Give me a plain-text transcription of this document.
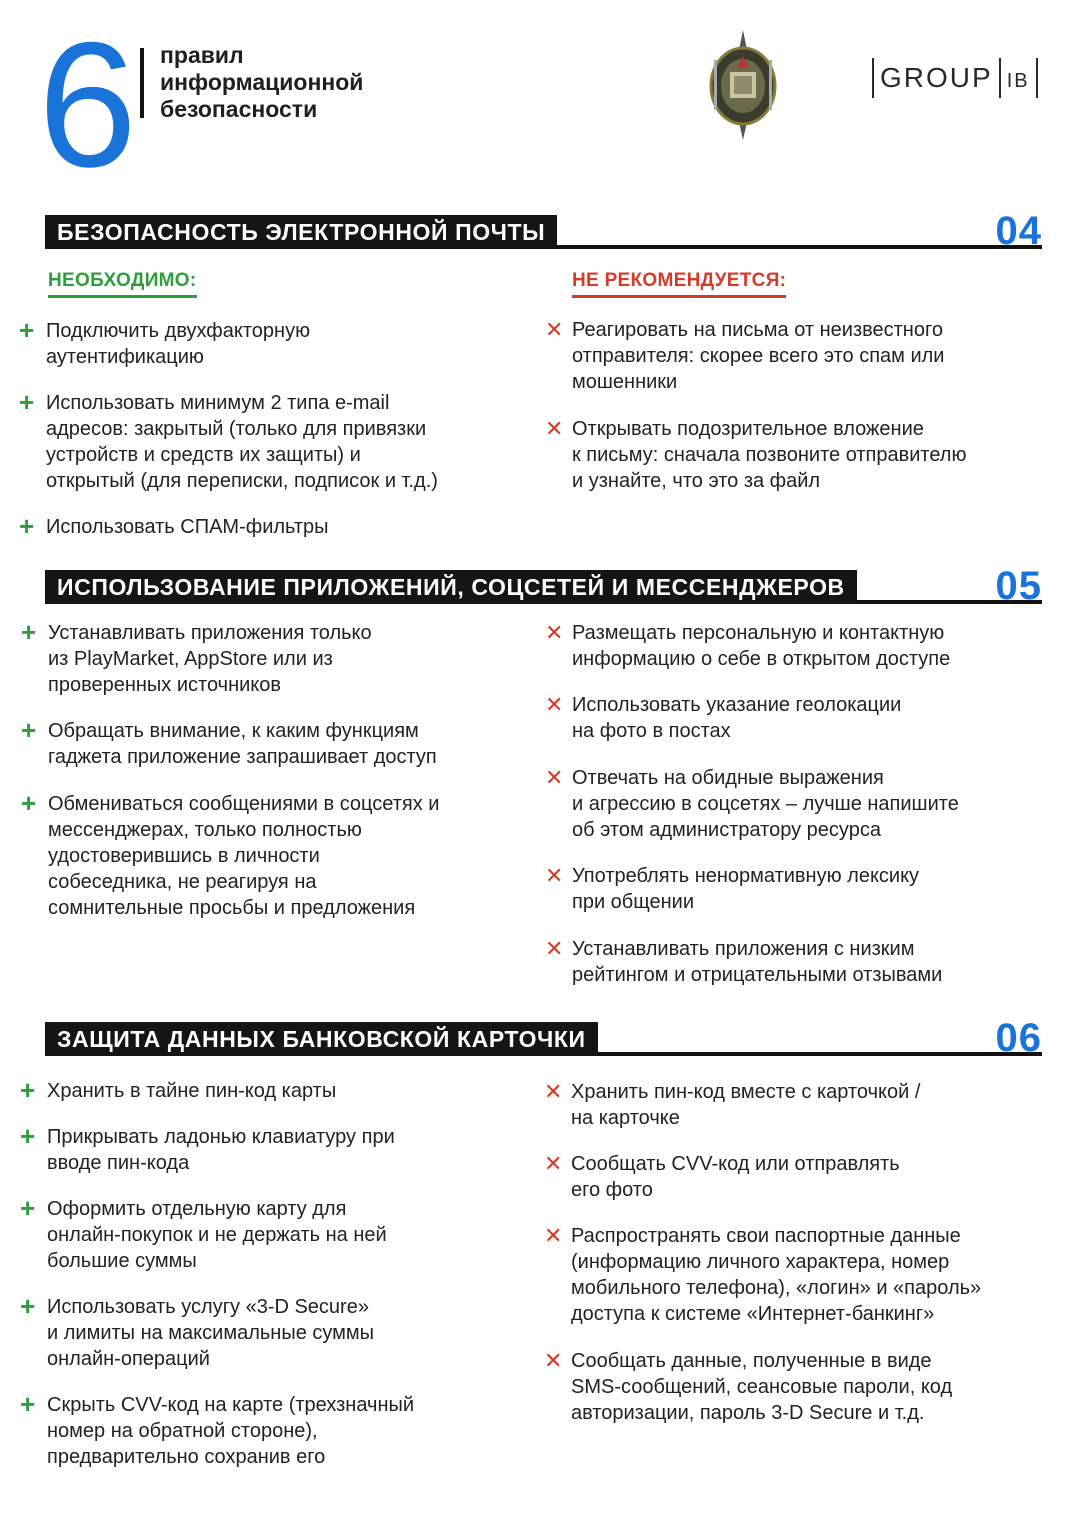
6 правил
информационной
безопасности
GROUP ib
БЕЗОПАСНОСТЬ ЭЛЕКТРОННОЙ ПОЧТЫ	04
НЕОБХОДИМО:	НЕ РЕКОМЕНДУЕТСЯ:
+ Подключить двухфакторную
аутентификацию
+ Использовать минимум 2 типа e-mail
адресов: закрытый (только для привязки
устройств и средств их защиты) и
открытый (для переписки, подписок и т.д.)
+ Использовать СПАМ-фильтры
✕ Реагировать на письма от неизвестного
отправителя: скорее всего это спам или
мошенники
✕ Открывать подозрительное вложение
к письму: сначала позвоните отправителю
и узнайте, что это за файл
ИСПОЛЬЗОВАНИЕ ПРИЛОЖЕНИЙ, СОЦСЕТЕЙ И МЕССЕНДЖЕРОВ	05
+ Устанавливать приложения только
из PlayMarket, AppStore или из
проверенных источников
+ Обращать внимание, к каким функциям
гаджета приложение запрашивает доступ
+ Обмениваться сообщениями в соцсетях и
мессенджерах, только полностью
удостоверившись в личности
собеседника, не реагируя на
сомнительные просьбы и предложения
✕ Размещать персональную и контактную
информацию о себе в открытом доступе
✕ Использовать указание геолокации
на фото в постах
✕ Отвечать на обидные выражения
и агрессию в соцсетях – лучше напишите
об этом администратору ресурса
✕ Употреблять ненормативную лексику
при общении
✕ Устанавливать приложения с низким
рейтингом и отрицательными отзывами
ЗАЩИТА ДАННЫХ БАНКОВСКОЙ КАРТОЧКИ	06
+ Хранить в тайне пин-код карты
+ Прикрывать ладонью клавиатуру при
вводе пин-кода
+ Оформить отдельную карту для
онлайн-покупок и не держать на ней
большие суммы
+ Использовать услугу «3-D Secure»
и лимиты на максимальные суммы
онлайн-операций
+ Скрыть CVV-код на карте (трехзначный
номер на обратной стороне),
предварительно сохранив его
✕ Хранить пин-код вместе с карточкой /
на карточке
✕ Сообщать CVV-код или отправлять
его фото
✕ Распространять свои паспортные данные
(информацию личного характера, номер
мобильного телефона), «логин» и «пароль»
доступа к системе «Интернет-банкинг»
✕ Сообщать данные, полученные в виде
SMS-сообщений, сеансовые пароли, код
авторизации, пароль 3-D Secure и т.д.
